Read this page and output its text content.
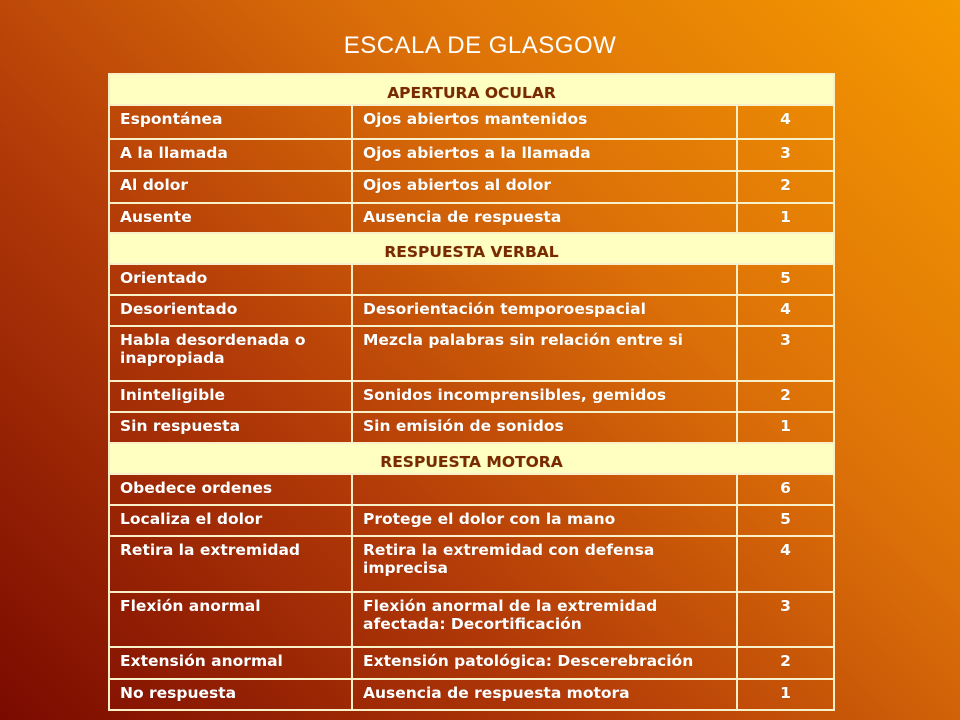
ESCALA DE GLASGOW
APERTURA OCULAR		
Espontánea	Ojos abiertos mantenidos	4
A la llamada	Ojos abiertos a la llamada	3
Al dolor	Ojos abiertos al dolor	2
Ausente	Ausencia de respuesta	1
RESPUESTA VERBAL		
Orientado		5
Desorientado	Desorientación temporoespacial	4
Habla desordenada o inapropiada	Mezcla palabras sin relación entre si	3
Ininteligible	Sonidos incomprensibles, gemidos	2
Sin respuesta	Sin emisión de sonidos	1
RESPUESTA MOTORA		
Obedece ordenes		6
Localiza el dolor	Protege el dolor con la mano	5
Retira la extremidad	Retira la extremidad con defensa imprecisa	4
Flexión anormal	Flexión anormal de la extremidad afectada: Decortificación	3
Extensión anormal	Extensión patológica: Descerebración	2
No respuesta	Ausencia de respuesta motora	1
